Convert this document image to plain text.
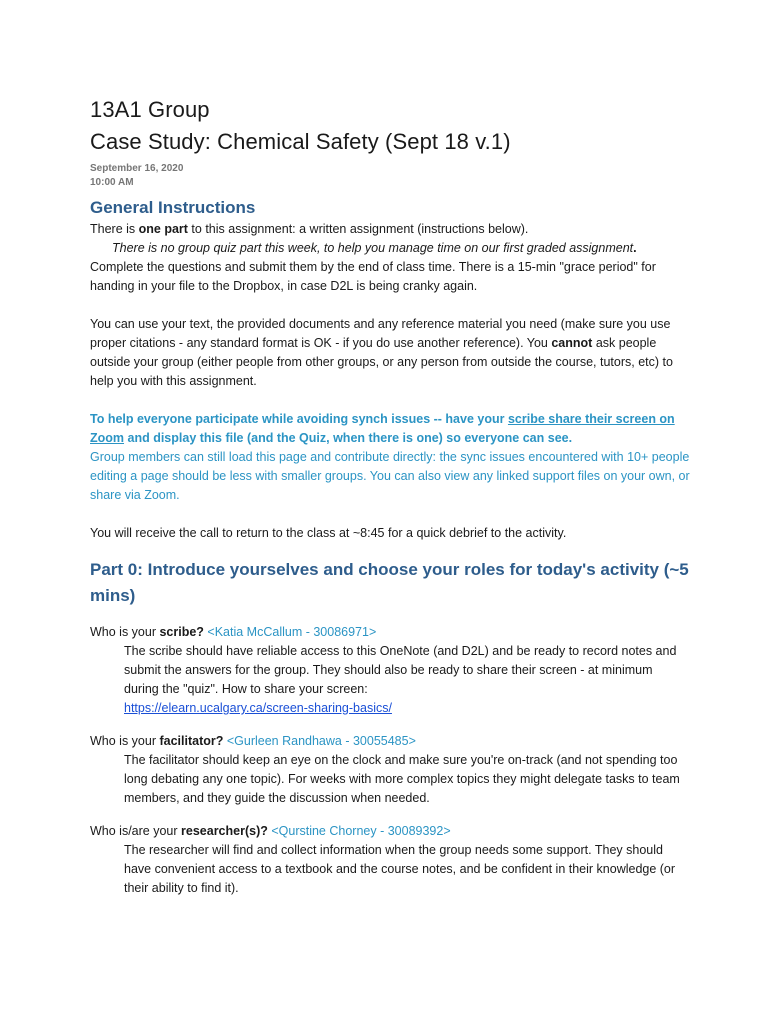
13A1 Group
Case Study: Chemical Safety (Sept 18 v.1)
September 16, 2020
10:00 AM
General Instructions

There is one part to this assignment: a written assignment (instructions below).

There is no group quiz part this week, to help you manage time on our first graded assignment.

Complete the questions and submit them by the end of class time. There is a 15-min "grace period" for handing in your file to the Dropbox, in case D2L is being cranky again.

You can use your text, the provided documents and any reference material you need (make sure you use proper citations - any standard format is OK - if you do use another reference). You cannot ask people outside your group (either people from other groups, or any person from outside the course, tutors, etc) to help you with this assignment.

To help everyone participate while avoiding synch issues -- have your scribe share their screen on Zoom and display this file (and the Quiz, when there is one) so everyone can see.

Group members can still load this page and contribute directly: the sync issues encountered with 10+ people editing a page should be less with smaller groups. You can also view any linked support files on your own, or share via Zoom.

You will receive the call to return to the class at ~8:45 for a quick debrief to the activity.

Part 0: Introduce yourselves and choose your roles for today's activity (~5 mins)

Who is your scribe? <Katia McCallum - 30086971>

The scribe should have reliable access to this OneNote (and D2L) and be ready to record notes and submit the answers for the group. They should also be ready to share their screen - at minimum during the "quiz". How to share your screen:

https://elearn.ucalgary.ca/screen-sharing-basics/

Who is your facilitator? <Gurleen Randhawa - 30055485>

The facilitator should keep an eye on the clock and make sure you're on-track (and not spending too long debating any one topic). For weeks with more complex topics they might delegate tasks to team members, and they guide the discussion when needed.

Who is/are your researcher(s)? <Qurstine Chorney - 30089392>

The researcher will find and collect information when the group needs some support. They should have convenient access to a textbook and the course notes, and be confident in their knowledge (or their ability to find it).
